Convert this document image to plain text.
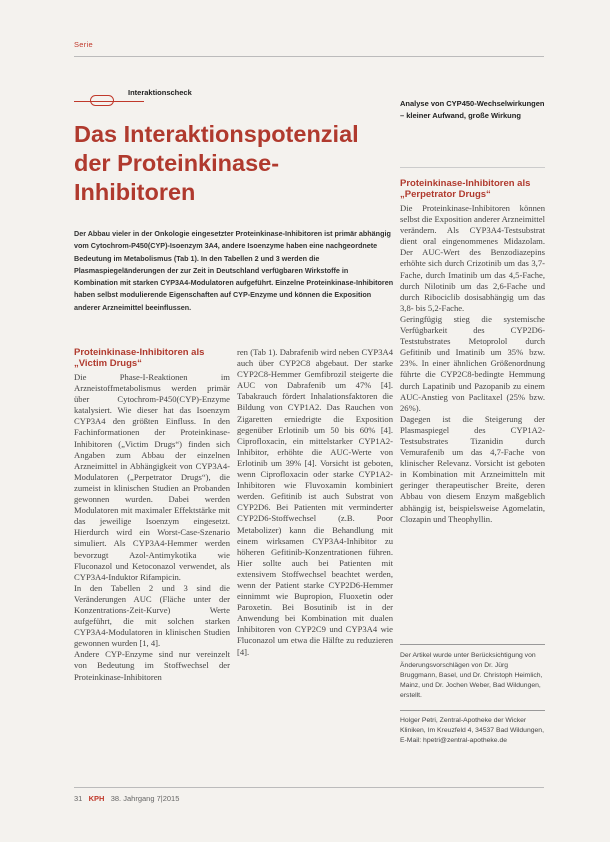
Serie
Interaktionscheck
Das Interaktionspotenzial
der Proteinkinase-
Inhibitoren
Der Abbau vieler in der Onkologie eingesetzter Proteinkinase-Inhibitoren ist primär abhängig vom Cytochrom-P450(CYP)-Isoenzym 3A4, andere Isoenzyme haben eine nachgeordnete Bedeutung im Metabolismus (Tab 1). In den Tabellen 2 und 3 werden die Plasmaspiegeländerungen der zur Zeit in Deutschland verfügbaren Wirkstoffe in Kombination mit starken CYP3A4-Modulatoren aufgeführt. Einzelne Proteinkinase-Inhibitoren haben selbst modulierende Eigenschaften auf CYP-Enzyme und können die Exposition anderer Arzneimittel beeinflussen.
Analyse von CYP450-Wechselwirkungen – kleiner Aufwand, große Wirkung
Proteinkinase-Inhibitoren als
„Victim Drugs“

Die Phase-I-Reaktionen im Arzneistoffmetabolismus werden primär über Cytochrom-P450(CYP)-Enzyme katalysiert. Wie dieser hat das Isoenzym CYP3A4 den größten Einfluss. In den Fachinformationen der Proteinkinase-Inhibitoren („Victim Drugs“) finden sich Angaben zum Abbau der einzelnen Arzneimittel in Abhängigkeit von CYP3A4-Modulatoren („Perpetrator Drugs“), die zumeist in klinischen Studien an Probanden gewonnen wurden. Dabei werden Modulatoren mit maximaler Effektstärke mit das jeweilige Isoenzym eingesetzt. Hierdurch wird ein Worst-Case-Szenario simuliert. Als CYP3A4-Hemmer werden bevorzugt Azol-Antimykotika wie Fluconazol und Ketoconazol verwendet, als CYP3A4-Induktor Rifampicin.

In den Tabellen 2 und 3 sind die Veränderungen AUC (Fläche unter der Konzentrations-Zeit-Kurve) Werte aufgeführt, die mit solchen starken CYP3A4-Modulatoren in klinischen Studien gewonnen wurden [1, 4].

Andere CYP-Enzyme sind nur vereinzelt von Bedeutung im Stoffwechsel der Proteinkinase-Inhibitoren

ren (Tab 1). Dabrafenib wird neben CYP3A4 auch über CYP2C8 abgebaut. Der starke CYP2C8-Hemmer Gemfibrozil steigerte die AUC von Dabrafenib um 47% [4]. Tabakrauch fördert Inhalationsfaktoren die Bildung von CYP1A2. Das Rauchen von Zigaretten erniedrigte die Exposition gegenüber Erlotinib um 50 bis 60% [4]. Ciprofloxacin, ein mittelstarker CYP1A2-Inhibitor, erhöhte die AUC-Werte von Erlotinib um 39% [4]. Vorsicht ist geboten, wenn Ciprofloxacin oder starke CYP1A2-Inhibitoren wie Fluvoxamin kombiniert werden. Gefitinib ist auch Substrat von CYP2D6. Bei Patienten mit verminderter CYP2D6-Stoffwechsel (z.B. Poor Metabolizer) kann die Behandlung mit einem wirksamen CYP3A4-Inhibitor zu höheren Gefitinib-Konzentrationen führen. Hier sollte auch bei Patienten mit extensivem Stoffwechsel beachtet werden, wenn der Patient starke CYP2D6-Hemmer einnimmt wie Bupropion, Fluoxetin oder Paroxetin. Bei Bosutinib ist in der Anwendung bei Kombination mit dualen Inhibitoren von CYP2C9 und CYP3A4 wie Fluconazol um etwa die Hälfte zu reduzieren [4].

Proteinkinase-Inhibitoren als
„Perpetrator Drugs“

Die Proteinkinase-Inhibitoren können selbst die Exposition anderer Arzneimittel verändern. Als CYP3A4-Testsubstrat dient oral eingenommenes Midazolam. Der AUC-Wert des Benzodiazepins erhöhte sich durch Crizotinib um das 3,7-Fache, durch Imatinib um das 4,5-Fache, durch Nilotinib um das 2,6-Fache und durch Ribociclib dosisabhängig um das 3,8- bis 5,2-Fache.

Geringfügig stieg die systemische Verfügbarkeit des CYP2D6-Teststubstrates Metoprolol durch Gefitinib und Imatinib um 35% bzw. 23%. In einer ähnlichen Größenordnung führte die CYP2C8-bedingte Hemmung durch Lapatinib und Pazopanib zu einem AUC-Anstieg von Paclitaxel (25% bzw. 26%).

Dagegen ist die Steigerung der Plasmaspiegel des CYP1A2-Testsubstrates Tizanidin durch Vemurafenib um das 4,7-Fache von klinischer Relevanz. Vorsicht ist geboten in Kombination mit Arzneimitteln mit geringer therapeutischer Breite, deren Abbau von diesem Enzym maßgeblich abhängig ist, beispielsweise Agomelatin, Clozapin und Theophyllin.

Der Artikel wurde unter Berücksichtigung von Änderungsvorschlägen von Dr. Jürg Bruggmann, Basel, und Dr. Christoph Heimlich, Mainz, und Dr. Jochen Weber, Bad Wildungen, erstellt.
Holger Petri, Zentral-Apotheke der Wicker Kliniken, Im Kreuzfeld 4, 34537 Bad Wildungen, E-Mail: hpetri@zentral-apotheke.de
31 KPH 38. Jahrgang 7|2015
